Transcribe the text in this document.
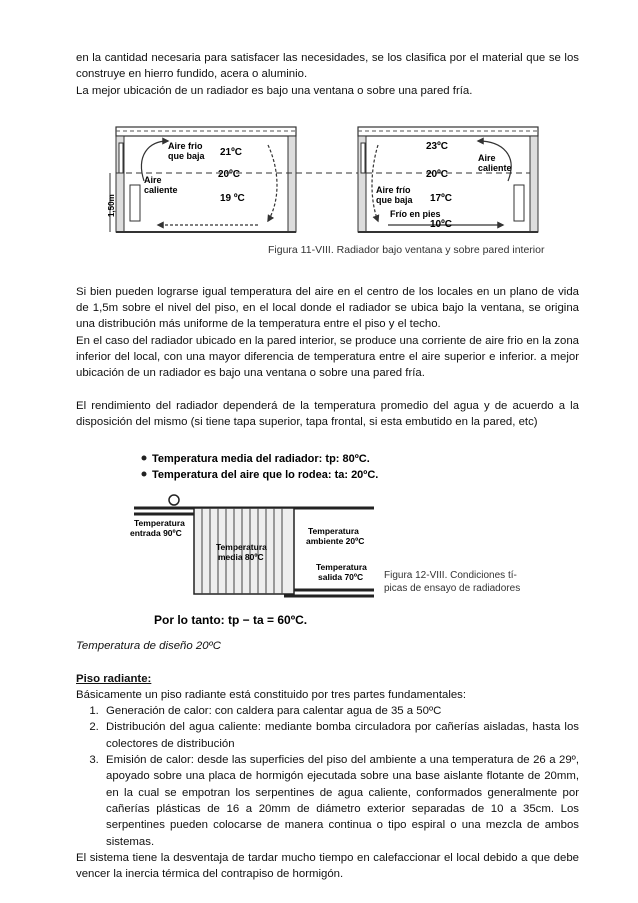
en la cantidad necesaria para satisfacer las necesidades, se los clasifica por el material que se los construye en hierro fundido, acera o aluminio.

La mejor ubicación de un radiador es bajo una ventana o sobre una pared fría.

Aire frio
que baja
Aire
caliente
21ºC
20ºC
19 ºC
1,50m
23ºC
20ºC
17ºC
10ºC
Aire
caliente
Aire frío
que baja
Frío en pies
Figura 11-VIII. Radiador bajo ventana y sobre pared interior

Si bien pueden lograrse igual temperatura del aire en el centro de los locales en un plano de vida de 1,5m sobre el nivel del piso, en el local donde el radiador se ubica bajo la ventana, se origina una distribución más uniforme de la temperatura entre el piso y el techo.

En el caso del radiador ubicado en la pared interior, se produce una corriente de aire frio en la zona inferior del local, con una mayor diferencia de temperatura entre el aire superior e inferior. a mejor ubicación de un radiador es bajo una ventana o sobre una pared fría.

El rendimiento del radiador dependerá de la temperatura promedio del agua y de acuerdo a la disposición del mismo (si tiene tapa superior, tapa frontal, si esta embutido en la pared, etc)

Temperatura media del radiador: tp: 80ºC.
Temperatura del aire que lo rodea: ta: 20ºC.
Temperatura
entrada 90ºC
Temperatura
media 80ºC
Temperatura
ambiente 20ºC
Temperatura
salida 70ºC Figura 12-VIII. Condiciones tí-
picas de ensayo de radiadores
Por lo tanto: tp − ta = 60ºC.

Temperatura de diseño 20ºC

Piso radiante:

Básicamente un piso radiante está constituido por tres partes fundamentales:

1. Generación de calor: con caldera para calentar agua de 35 a 50ºC
2. Distribución del agua caliente: mediante bomba circuladora por cañerías aisladas, hasta los colectores de distribución
3. Emisión de calor: desde las superficies del piso del ambiente a una temperatura de 26 a 29º, apoyado sobre una placa de hormigón ejecutada sobre una base aislante flotante de 20mm, en la cual se empotran los serpentines de agua caliente, conformados generalmente por cañerías plásticas de 16 a 20mm de diámetro exterior separadas de 10 a 35cm. Los serpentines pueden colocarse de manera continua o tipo espiral o una mezcla de ambos sistemas.

El sistema tiene la desventaja de tardar mucho tiempo en calefaccionar el local debido a que debe vencer la inercia térmica del contrapiso de hormigón.
